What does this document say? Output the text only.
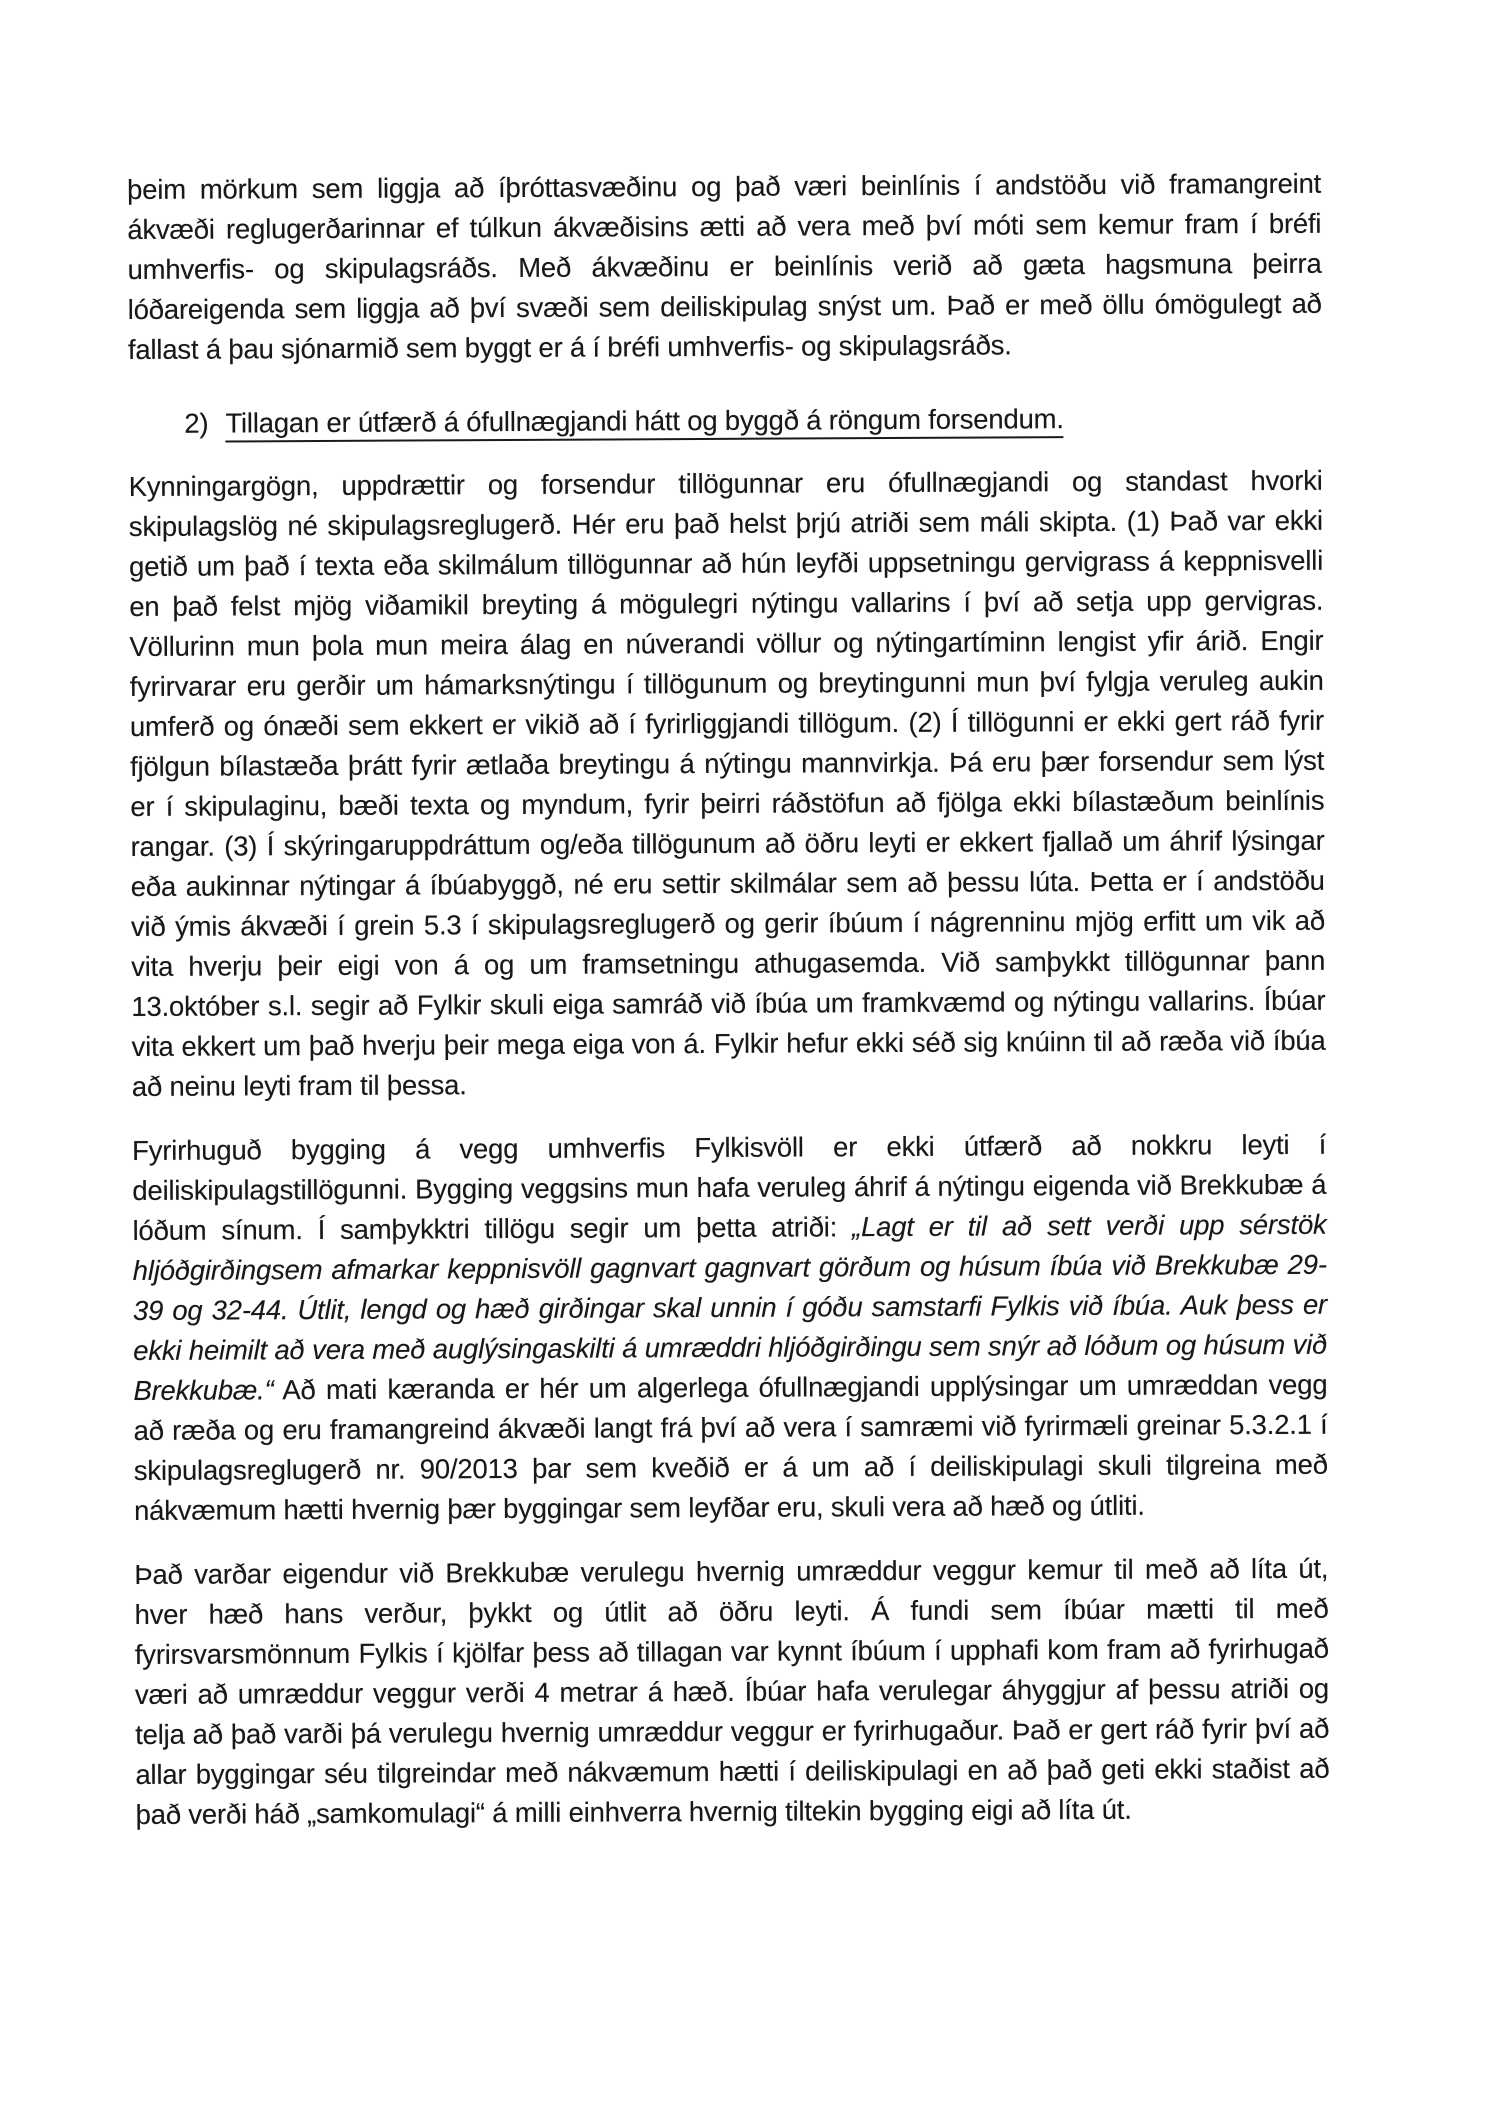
þeim mörkum sem liggja að íþróttasvæðinu og það væri beinlínis í andstöðu við framangreint ákvæði reglugerðarinnar ef túlkun ákvæðisins ætti að vera með því móti sem kemur fram í bréfi umhverfis- og skipulagsráðs. Með ákvæðinu er beinlínis verið að gæta hagsmuna þeirra lóðareigenda sem liggja að því svæði sem deiliskipulag snýst um. Það er með öllu ómögulegt að fallast á þau sjónarmið sem byggt er á í bréfi umhverfis- og skipulagsráðs.

2) Tillagan er útfærð á ófullnægjandi hátt og byggð á röngum forsendum.

Kynningargögn, uppdrættir og forsendur tillögunnar eru ófullnægjandi og standast hvorki skipulagslög né skipulagsreglugerð. Hér eru það helst þrjú atriði sem máli skipta. (1) Það var ekki getið um það í texta eða skilmálum tillögunnar að hún leyfði uppsetningu gervigrass á keppnisvelli en það felst mjög viðamikil breyting á mögulegri nýtingu vallarins í því að setja upp gervigras. Völlurinn mun þola mun meira álag en núverandi völlur og nýtingartíminn lengist yfir árið. Engir fyrirvarar eru gerðir um hámarksnýtingu í tillögunum og breytingunni mun því fylgja veruleg aukin umferð og ónæði sem ekkert er vikið að í fyrirliggjandi tillögum. (2) Í tillögunni er ekki gert ráð fyrir fjölgun bílastæða þrátt fyrir ætlaða breytingu á nýtingu mannvirkja. Þá eru þær forsendur sem lýst er í skipulaginu, bæði texta og myndum, fyrir þeirri ráðstöfun að fjölga ekki bílastæðum beinlínis rangar. (3) Í skýringaruppdráttum og/eða tillögunum að öðru leyti er ekkert fjallað um áhrif lýsingar eða aukinnar nýtingar á íbúabyggð, né eru settir skilmálar sem að þessu lúta. Þetta er í andstöðu við ýmis ákvæði í grein 5.3 í skipulagsreglugerð og gerir íbúum í nágrenninu mjög erfitt um vik að vita hverju þeir eigi von á og um framsetningu athugasemda. Við samþykkt tillögunnar þann 13.október s.l. segir að Fylkir skuli eiga samráð við íbúa um framkvæmd og nýtingu vallarins. Íbúar vita ekkert um það hverju þeir mega eiga von á. Fylkir hefur ekki séð sig knúinn til að ræða við íbúa að neinu leyti fram til þessa.

Fyrirhuguð bygging á vegg umhverfis Fylkisvöll er ekki útfærð að nokkru leyti í deiliskipulagstillögunni. Bygging veggsins mun hafa veruleg áhrif á nýtingu eigenda við Brekkubæ á lóðum sínum. Í samþykktri tillögu segir um þetta atriði: „Lagt er til að sett verði upp sérstök hljóðgirðingsem afmarkar keppnisvöll gagnvart gagnvart görðum og húsum íbúa við Brekkubæ 29-39 og 32-44. Útlit, lengd og hæð girðingar skal unnin í góðu samstarfi Fylkis við íbúa. Auk þess er ekki heimilt að vera með auglýsingaskilti á umræddri hljóðgirðingu sem snýr að lóðum og húsum við Brekkubæ.“ Að mati kæranda er hér um algerlega ófullnægjandi upplýsingar um umræddan vegg að ræða og eru framangreind ákvæði langt frá því að vera í samræmi við fyrirmæli greinar 5.3.2.1 í skipulagsreglugerð nr. 90/2013 þar sem kveðið er á um að í deiliskipulagi skuli tilgreina með nákvæmum hætti hvernig þær byggingar sem leyfðar eru, skuli vera að hæð og útliti.

Það varðar eigendur við Brekkubæ verulegu hvernig umræddur veggur kemur til með að líta út, hver hæð hans verður, þykkt og útlit að öðru leyti. Á fundi sem íbúar mætti til með fyrirsvarsmönnum Fylkis í kjölfar þess að tillagan var kynnt íbúum í upphafi kom fram að fyrirhugað væri að umræddur veggur verði 4 metrar á hæð. Íbúar hafa verulegar áhyggjur af þessu atriði og telja að það varði þá verulegu hvernig umræddur veggur er fyrirhugaður. Það er gert ráð fyrir því að allar byggingar séu tilgreindar með nákvæmum hætti í deiliskipulagi en að það geti ekki staðist að það verði háð „samkomulagi“ á milli einhverra hvernig tiltekin bygging eigi að líta út.
